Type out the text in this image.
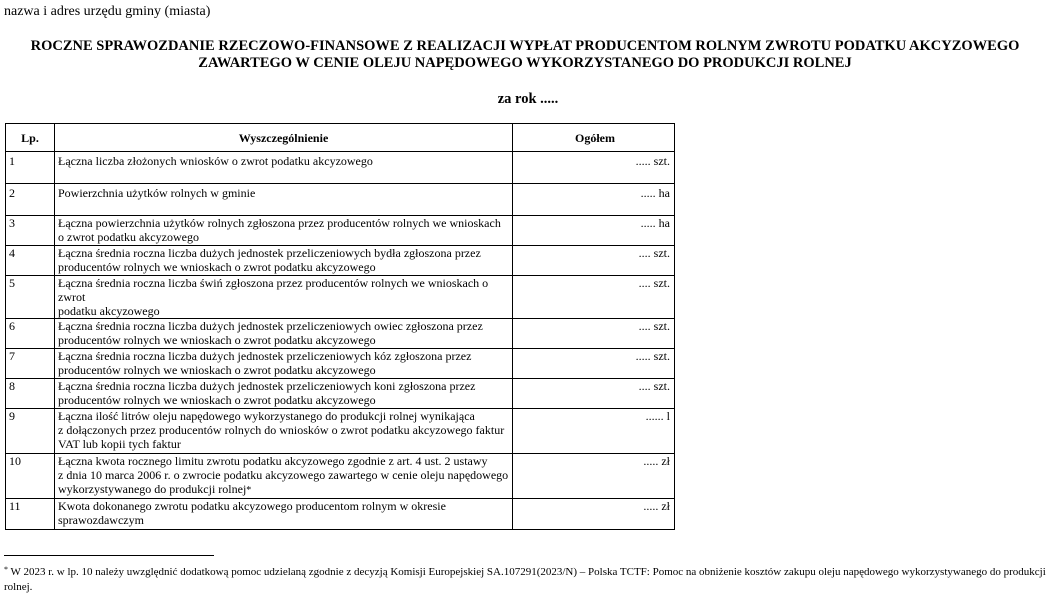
nazwa i adres urzędu gminy (miasta)
ROCZNE SPRAWOZDANIE RZECZOWO-FINANSOWE Z REALIZACJI WYPŁAT PRODUCENTOM ROLNYM ZWROTU PODATKU AKCYZOWEGO
ZAWARTEGO W CENIE OLEJU NAPĘDOWEGO WYKORZYSTANEGO DO PRODUKCJI ROLNEJ
za rok .....
Lp.	Wyszczególnienie	Ogółem
1	Łączna liczba złożonych wniosków o zwrot podatku akcyzowego	..... szt.
2	Powierzchnia użytków rolnych w gminie	..... ha
3	Łączna powierzchnia użytków rolnych zgłoszona przez producentów rolnych we wnioskach
o zwrot podatku akcyzowego	..... ha
4	Łączna średnia roczna liczba dużych jednostek przeliczeniowych bydła zgłoszona przez
producentów rolnych we wnioskach o zwrot podatku akcyzowego	.... szt.
5	Łączna średnia roczna liczba świń zgłoszona przez producentów rolnych we wnioskach o zwrot
podatku akcyzowego	.... szt.
6	Łączna średnia roczna liczba dużych jednostek przeliczeniowych owiec zgłoszona przez
producentów rolnych we wnioskach o zwrot podatku akcyzowego	.... szt.
7	Łączna średnia roczna liczba dużych jednostek przeliczeniowych kóz zgłoszona przez
producentów rolnych we wnioskach o zwrot podatku akcyzowego	..... szt.
8	Łączna średnia roczna liczba dużych jednostek przeliczeniowych koni zgłoszona przez
producentów rolnych we wnioskach o zwrot podatku akcyzowego	.... szt.
9	Łączna ilość litrów oleju napędowego wykorzystanego do produkcji rolnej wynikająca
z dołączonych przez producentów rolnych do wniosków o zwrot podatku akcyzowego faktur
VAT lub kopii tych faktur	...... l
10	Łączna kwota rocznego limitu zwrotu podatku akcyzowego zgodnie z art. 4 ust. 2 ustawy
z dnia 10 marca 2006 r. o zwrocie podatku akcyzowego zawartego w cenie oleju napędowego
wykorzystywanego do produkcji rolnej*	..... zł
11	Kwota dokonanego zwrotu podatku akcyzowego producentom rolnym w okresie
sprawozdawczym	..... zł
* W 2023 r. w lp. 10 należy uwzględnić dodatkową pomoc udzielaną zgodnie z decyzją Komisji Europejskiej SA.107291(2023/N) – Polska TCTF: Pomoc na obniżenie kosztów zakupu oleju napędowego wykorzystywanego do produkcji rolnej.
